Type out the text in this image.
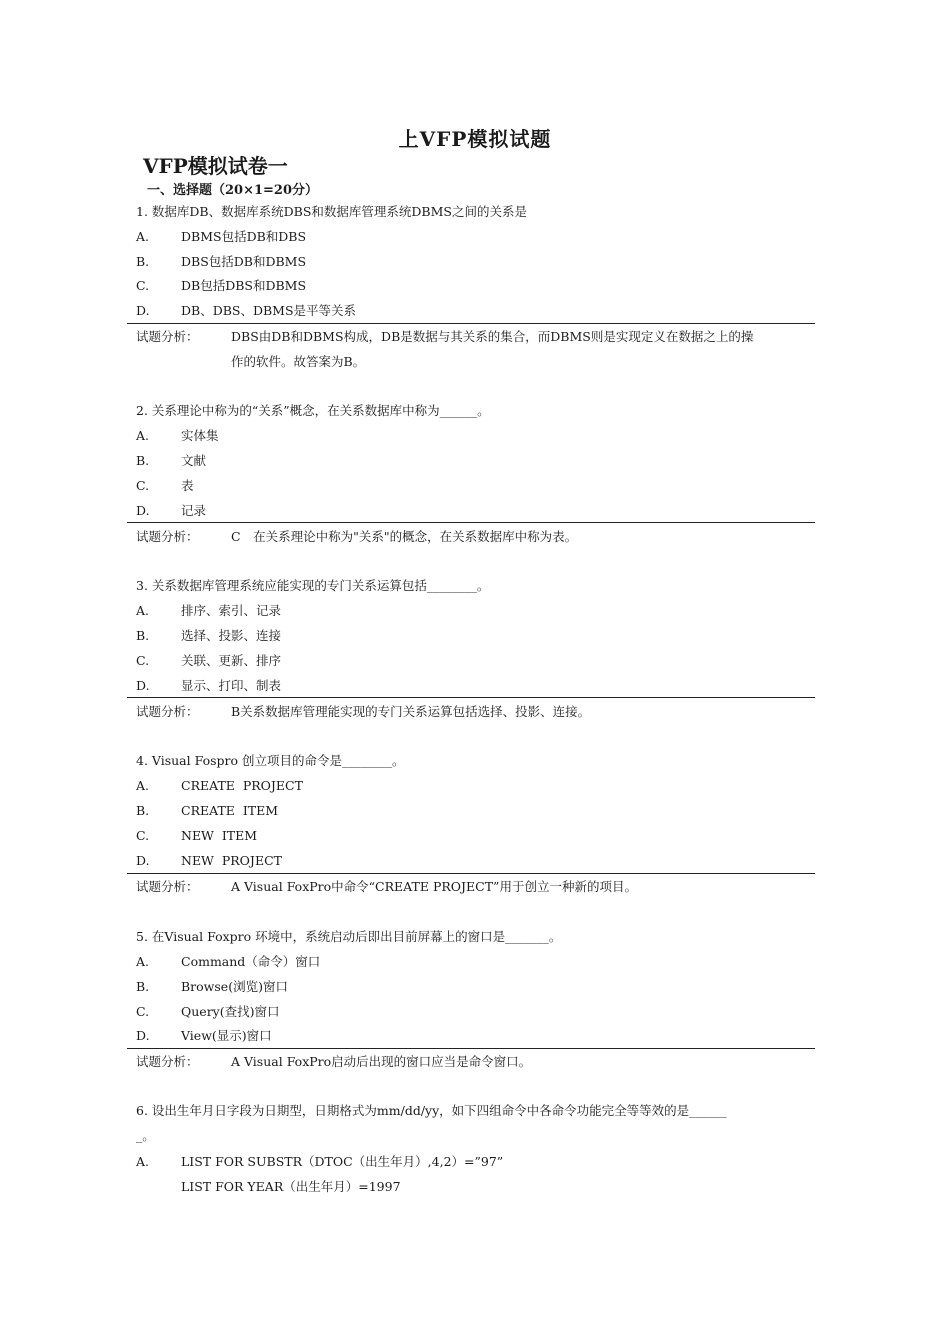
上VFP模拟试题
VFP模拟试卷一
一、选择题（20×1=20分）
1. 数据库DB、数据库系统DBS和数据库管理系统DBMS之间的关系是
A.	DBMS包括DB和DBS
B.	DBS包括DB和DBMS
C.	DB包括DBS和DBMS
D.	DB、DBS、DBMS是平等关系
试题分析：	DBS由DB和DBMS构成，DB是数据与其关系的集合，而DBMS则是实现定义在数据之上的操
作的软件。故答案为B。
2. 关系理论中称为的“关系”概念，在关系数据库中称为______。
A.	实体集
B.	文献
C.	表
D.	记录
试题分析：	C　在关系理论中称为"关系"的概念，在关系数据库中称为表。
3. 关系数据库管理系统应能实现的专门关系运算包括________。
A.	排序、索引、记录
B.	选择、投影、连接
C.	关联、更新、排序
D.	显示、打印、制表
试题分析：	B关系数据库管理能实现的专门关系运算包括选择、投影、连接。
4. Visual Fospro 创立项目的命令是________。
A.	CREATE  PROJECT
B.	CREATE  ITEM
C.	NEW  ITEM
D.	NEW  PROJECT
试题分析：	A Visual FoxPro中命令“CREATE PROJECT”用于创立一种新的项目。
5. 在Visual Foxpro 环境中，系统启动后即出目前屏幕上的窗口是_______。
A.	Command（命令）窗口
B.	Browse(浏览)窗口
C.	Query(查找)窗口
D.	View(显示)窗口
试题分析：	A Visual FoxPro启动后出现的窗口应当是命令窗口。
6. 设出生年月日字段为日期型，日期格式为mm/dd/yy，如下四组命令中各命令功能完全等等效的是______
_。
A.	LIST FOR SUBSTR（DTOC（出生年月）,4,2）=”97”
LIST FOR YEAR（出生年月）=1997
